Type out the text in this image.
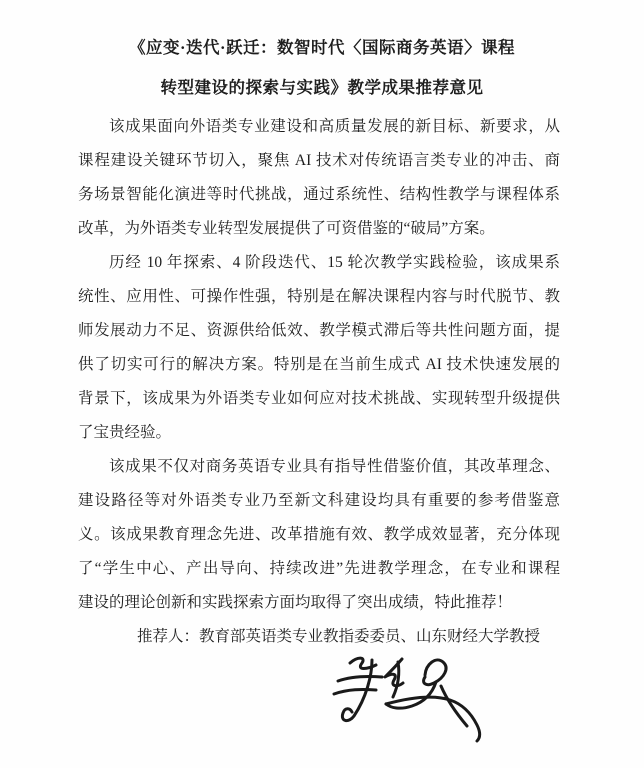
《应变·迭代·跃迁：数智时代〈国际商务英语〉课程
转型建设的探索与实践》教学成果推荐意见
该成果面向外语类专业建设和高质量发展的新目标、新要求，从
课程建设关键环节切入，聚焦 AI 技术对传统语言类专业的冲击、商
务场景智能化演进等时代挑战，通过系统性、结构性教学与课程体系
改革，为外语类专业转型发展提供了可资借鉴的“破局”方案。
历经 10 年探索、4 阶段迭代、15 轮次教学实践检验，该成果系
统性、应用性、可操作性强，特别是在解决课程内容与时代脱节、教
师发展动力不足、资源供给低效、教学模式滞后等共性问题方面，提
供了切实可行的解决方案。特别是在当前生成式 AI 技术快速发展的
背景下，该成果为外语类专业如何应对技术挑战、实现转型升级提供
了宝贵经验。
该成果不仅对商务英语专业具有指导性借鉴价值，其改革理念、
建设路径等对外语类专业乃至新文科建设均具有重要的参考借鉴意
义。该成果教育理念先进、改革措施有效、教学成效显著，充分体现
了“学生中心、产出导向、持续改进”先进教学理念，在专业和课程
建设的理论创新和实践探索方面均取得了突出成绩，特此推荐！
推荐人：教育部英语类专业教指委委员、山东财经大学教授
